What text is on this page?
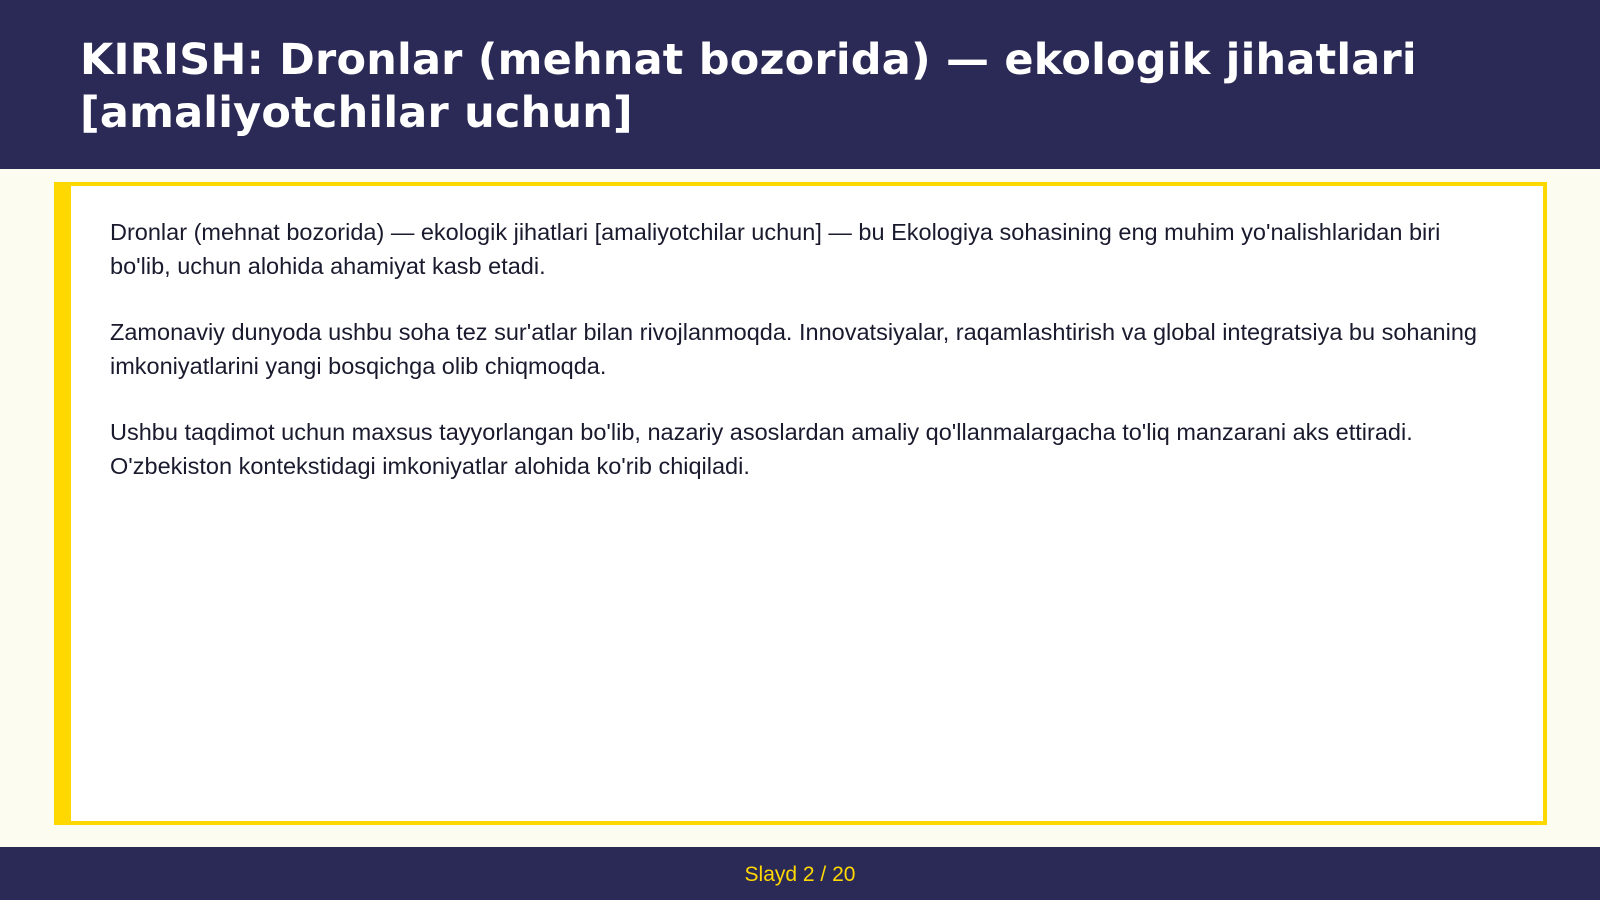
KIRISH: Dronlar (mehnat bozorida) — ekologik jihatlari
[amaliyotchilar uchun]

Dronlar (mehnat bozorida) — ekologik jihatlari [amaliyotchilar uchun] — bu Ekologiya sohasining eng muhim yo'nalishlaridan biri bo'lib, uchun alohida ahamiyat kasb etadi.

Zamonaviy dunyoda ushbu soha tez sur'atlar bilan rivojlanmoqda. Innovatsiyalar, raqamlashtirish va global integratsiya bu sohaning imkoniyatlarini yangi bosqichga olib chiqmoqda.

Ushbu taqdimot uchun maxsus tayyorlangan bo'lib, nazariy asoslardan amaliy qo'llanmalargacha to'liq manzarani aks ettiradi. O'zbekiston kontekstidagi imkoniyatlar alohida ko'rib chiqiladi.

Slayd 2 / 20
